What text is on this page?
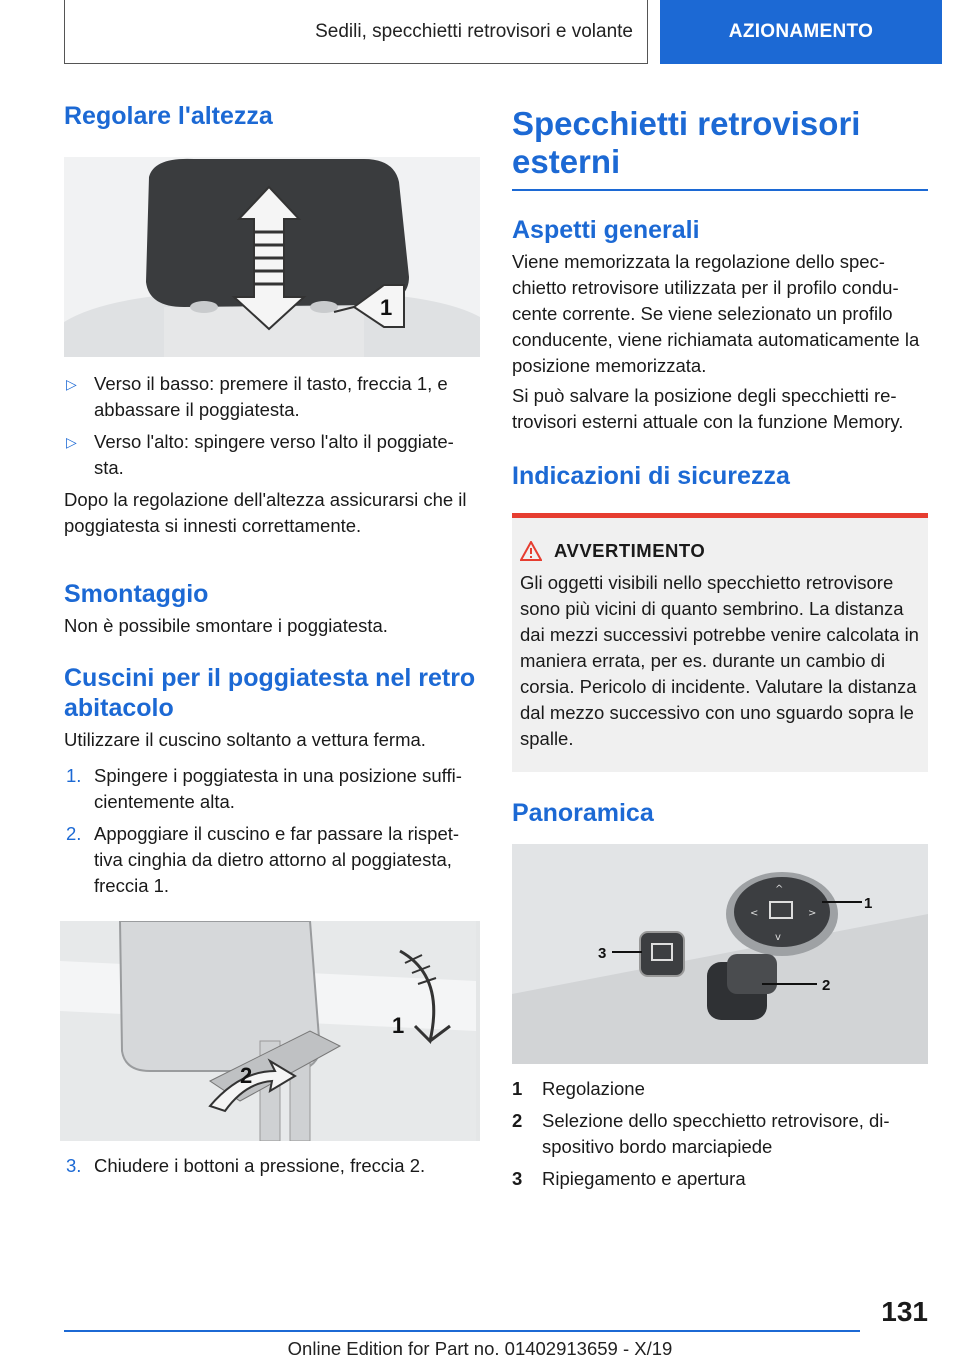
Sedili, specchietti retrovisori e volante	AZIONAMENTO
Regolare l'altezza
1
▷ Verso il basso: premere il tasto, freccia 1, e abbassare il poggiatesta.
▷ Verso l'alto: spingere verso l'alto il poggiate-sta.

Dopo la regolazione dell'altezza assicurarsi che il poggiatesta si innesti correttamente.

Smontaggio

Non è possibile smontare i poggiatesta.

Cuscini per il poggiatesta nel retro abitacolo

Utilizzare il cuscino soltanto a vettura ferma.

1. Spingere i poggiatesta in una posizione suffi-cientemente alta.
2. Appoggiare il cuscino e far passare la rispet-tiva cinghia da dietro attorno al poggiatesta, freccia 1.
1
2
3. Chiudere i bottoni a pressione, freccia 2.
Specchietti retrovisori esterni
Aspetti generali

Viene memorizzata la regolazione dello spec-chietto retrovisore utilizzata per il profilo condu-cente corrente. Se viene selezionato un profilo conducente, viene richiamata automaticamente la posizione memorizzata.

Si può salvare la posizione degli specchietti re-trovisori esterni attuale con la funzione Memory.

Indicazioni di sicurezza
AVVERTIMENTO

Gli oggetti visibili nello specchietto retrovisore sono più vicini di quanto sembrino. La distanza dai mezzi successivi potrebbe venire calcolata in maniera errata, per es. durante un cambio di corsia. Pericolo di incidente. Valutare la distanza dal mezzo successivo con uno sguardo sopra le spalle.

Panoramica
^
v
<	>
1
2
3
1 Regolazione
2 Selezione dello specchietto retrovisore, di-spositivo bordo marciapiede
3 Ripiegamento e apertura
131
Online Edition for Part no. 01402913659 - X/19
